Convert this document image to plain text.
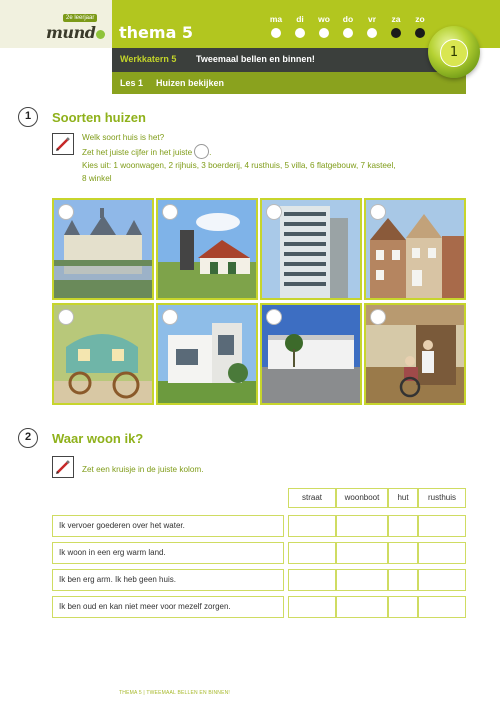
2e leerjaar
mund	thema 5
ma	di	wo	do	vr	za	zo
Werkkatern 5 Tweemaal bellen en binnen!
Les 1 Huizen bekijken
1
1	Soorten huizen
Welk soort huis is het?
Zet het juiste cijfer in het juiste .
Kies uit: 1 woonwagen, 2 rijhuis, 3 boerderij, 4 rusthuis, 5 villa, 6 flatgebouw, 7 kasteel,
8 winkel
2	Waar woon ik?
Zet een kruisje in de juiste kolom.
straat	woonboot	hut	rusthuis
Ik vervoer goederen over het water.
Ik woon in een erg warm land.
Ik ben erg arm. Ik heb geen huis.
Ik ben oud en kan niet meer voor mezelf zorgen.
THEMA 5 | TWEEMAAL BELLEN EN BINNEN!
